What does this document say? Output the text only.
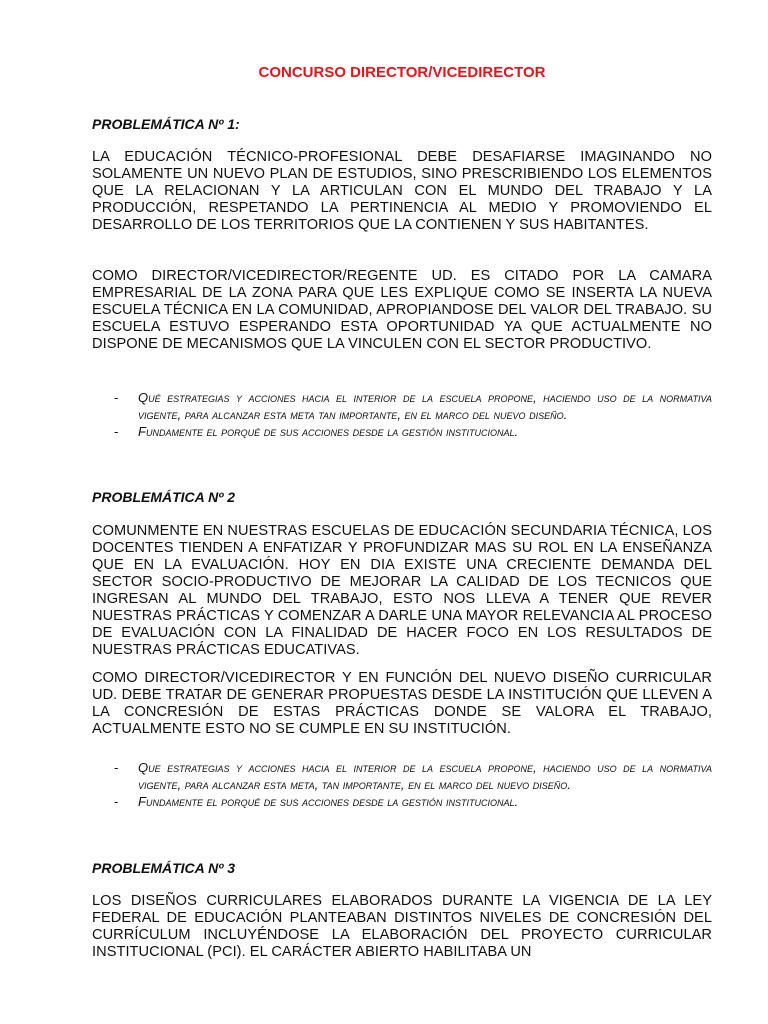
CONCURSO DIRECTOR/VICEDIRECTOR
PROBLEMÁTICA Nº 1:

LA EDUCACIÓN TÉCNICO-PROFESIONAL DEBE DESAFIARSE IMAGINANDO NO SOLAMENTE UN NUEVO PLAN DE ESTUDIOS, SINO PRESCRIBIENDO LOS ELEMENTOS QUE LA RELACIONAN Y LA ARTICULAN CON EL MUNDO DEL TRABAJO Y LA PRODUCCIÓN, RESPETANDO LA PERTINENCIA AL MEDIO Y PROMOVIENDO EL DESARROLLO DE LOS TERRITORIOS QUE LA CONTIENEN Y SUS HABITANTES.

COMO DIRECTOR/VICEDIRECTOR/REGENTE UD. ES CITADO POR LA CAMARA EMPRESARIAL DE LA ZONA PARA QUE LES EXPLIQUE COMO SE INSERTA LA NUEVA ESCUELA TÉCNICA EN LA COMUNIDAD, APROPIANDOSE DEL VALOR DEL TRABAJO. SU ESCUELA ESTUVO ESPERANDO ESTA OPORTUNIDAD YA QUE ACTUALMENTE NO DISPONE DE MECANISMOS QUE LA VINCULEN CON EL SECTOR PRODUCTIVO.

- Qué estrategias y acciones hacia el interior de la escuela propone, haciendo uso de la normativa vigente, para alcanzar esta meta tan importante, en el marco del nuevo diseño.
- Fundamente el porqué de sus acciones desde la gestión institucional.
PROBLEMÁTICA Nº 2

COMUNMENTE EN NUESTRAS ESCUELAS DE EDUCACIÓN SECUNDARIA TÉCNICA, LOS DOCENTES TIENDEN A ENFATIZAR Y PROFUNDIZAR MAS SU ROL EN LA ENSEÑANZA QUE EN LA EVALUACIÓN. HOY EN DIA EXISTE UNA CRECIENTE DEMANDA DEL SECTOR SOCIO-PRODUCTIVO DE MEJORAR LA CALIDAD DE LOS TECNICOS QUE INGRESAN AL MUNDO DEL TRABAJO, ESTO NOS LLEVA A TENER QUE REVER NUESTRAS PRÁCTICAS Y COMENZAR A DARLE UNA MAYOR RELEVANCIA AL PROCESO DE EVALUACIÓN CON LA FINALIDAD DE HACER FOCO EN LOS RESULTADOS DE NUESTRAS PRÁCTICAS EDUCATIVAS.

COMO DIRECTOR/VICEDIRECTOR Y EN FUNCIÓN DEL NUEVO DISEÑO CURRICULAR UD. DEBE TRATAR DE GENERAR PROPUESTAS DESDE LA INSTITUCIÓN QUE LLEVEN A LA CONCRESIÓN DE ESTAS PRÁCTICAS DONDE SE VALORA EL TRABAJO, ACTUALMENTE ESTO NO SE CUMPLE EN SU INSTITUCIÓN.

- Que estrategias y acciones hacia el interior de la escuela propone, haciendo uso de la normativa vigente, para alcanzar esta meta, tan importante, en el marco del nuevo diseño.
- Fundamente el porqué de sus acciones desde la gestión institucional.
PROBLEMÁTICA Nº 3

LOS DISEÑOS CURRICULARES ELABORADOS DURANTE LA VIGENCIA DE LA LEY FEDERAL DE EDUCACIÓN PLANTEABAN DISTINTOS NIVELES DE CONCRESIÓN DEL CURRÍCULUM INCLUYÉNDOSE LA ELABORACIÓN DEL PROYECTO CURRICULAR INSTITUCIONAL (PCI). EL CARÁCTER ABIERTO HABILITABA UN
